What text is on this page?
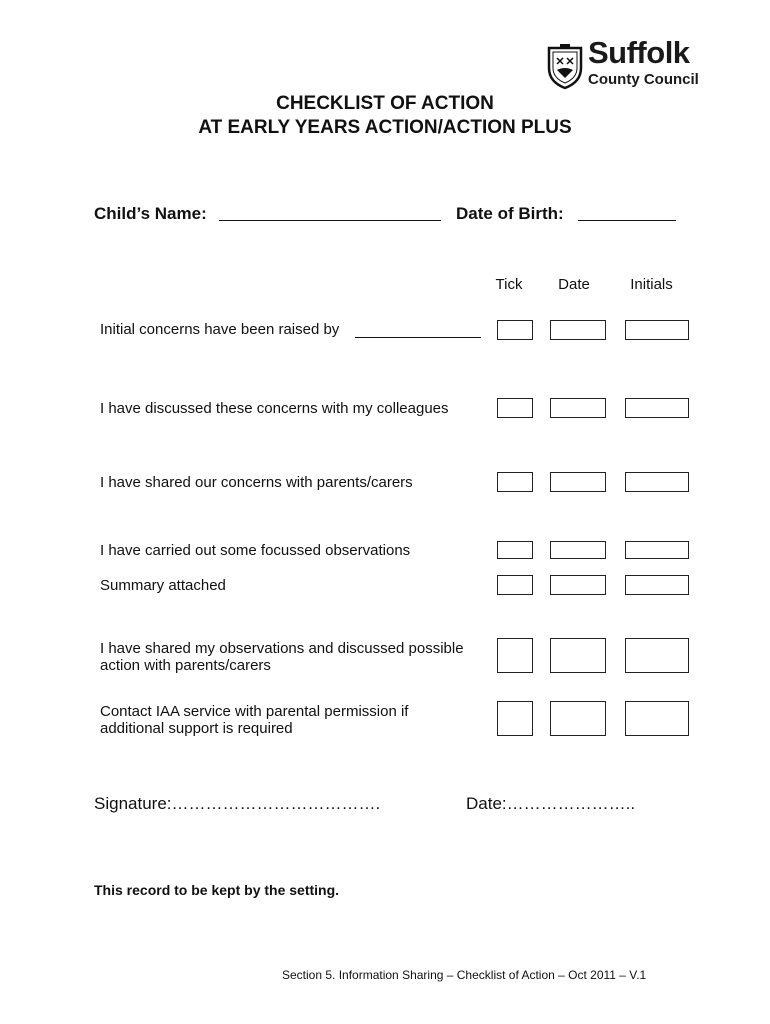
Suffolk
County Council
CHECKLIST OF ACTION
AT EARLY YEARS ACTION/ACTION PLUS
Child’s Name:	Date of Birth:
Tick	Date	Initials
Initial concerns have been raised by
I have discussed these concerns with my colleagues
I have shared our concerns with parents/carers
I have carried out some focussed observations
Summary attached
I have shared my observations and discussed possible
action with parents/carers
Contact IAA service with parental permission if
additional support is required
Signature:……………………………….	Date:…………………..
This record to be kept by the setting.
Section 5. Information Sharing – Checklist of Action – Oct 2011 – V.1
